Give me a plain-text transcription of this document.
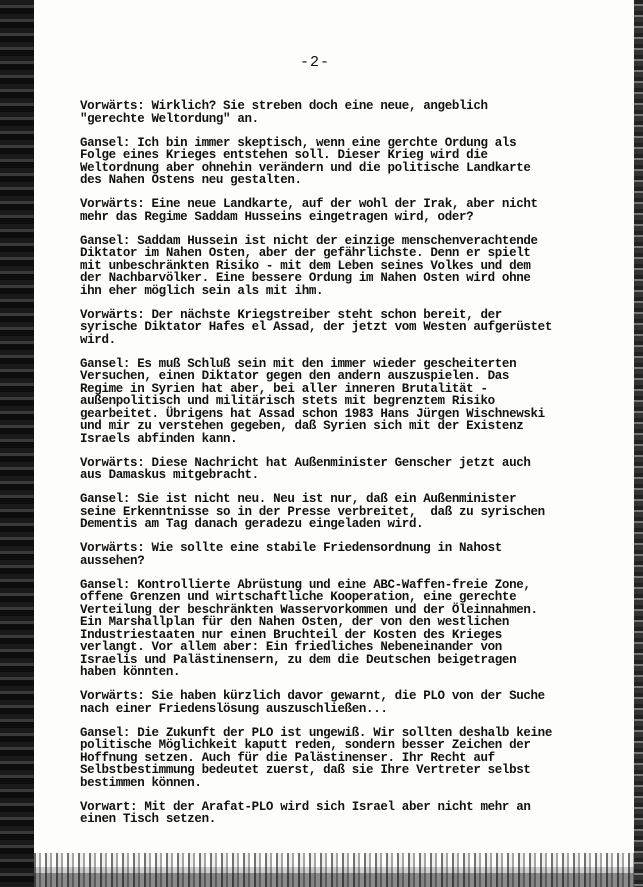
-2-

Vorwärts: Wirklich? Sie streben doch eine neue, angeblich
"gerechte Weltordung" an.

Gansel: Ich bin immer skeptisch, wenn eine gerchte Ordung als
Folge eines Krieges entstehen soll. Dieser Krieg wird die
Weltordnung aber ohnehin verändern und die politische Landkarte
des Nahen Ostens neu gestalten.

Vorwärts: Eine neue Landkarte, auf der wohl der Irak, aber nicht
mehr das Regime Saddam Husseins eingetragen wird, oder?

Gansel: Saddam Hussein ist nicht der einzige menschenverachtende
Diktator im Nahen Osten, aber der gefährlichste. Denn er spielt
mit unbeschränkten Risiko - mit dem Leben seines Volkes und dem
der Nachbarvölker. Eine bessere Ordung im Nahen Osten wird ohne
ihn eher möglich sein als mit ihm.

Vorwärts: Der nächste Kriegstreiber steht schon bereit, der
syrische Diktator Hafes el Assad, der jetzt vom Westen aufgerüstet
wird.

Gansel: Es muß Schluß sein mit den immer wieder gescheiterten
Versuchen, einen Diktator gegen den andern auszuspielen. Das
Regime in Syrien hat aber, bei aller inneren Brutalität -
außenpolitisch und militärisch stets mit begrenztem Risiko
gearbeitet. Übrigens hat Assad schon 1983 Hans Jürgen Wischnewski
und mir zu verstehen gegeben, daß Syrien sich mit der Existenz
Israels abfinden kann.

Vorwärts: Diese Nachricht hat Außenminister Genscher jetzt auch
aus Damaskus mitgebracht.

Gansel: Sie ist nicht neu. Neu ist nur, daß ein Außenminister
seine Erkenntnisse so in der Presse verbreitet,  daß zu syrischen
Dementis am Tag danach geradezu eingeladen wird.

Vorwärts: Wie sollte eine stabile Friedensordnung in Nahost
aussehen?

Gansel: Kontrollierte Abrüstung und eine ABC-Waffen-freie Zone,
offene Grenzen und wirtschaftliche Kooperation, eine gerechte
Verteilung der beschränkten Wasservorkommen und der Öleinnahmen.
Ein Marshallplan für den Nahen Osten, der von den westlichen
Industriestaaten nur einen Bruchteil der Kosten des Krieges
verlangt. Vor allem aber: Ein friedliches Nebeneinander von
Israelis und Palästinensern, zu dem die Deutschen beigetragen
haben könnten.

Vorwärts: Sie haben kürzlich davor gewarnt, die PLO von der Suche
nach einer Friedenslösung auszuschließen...

Gansel: Die Zukunft der PLO ist ungewiß. Wir sollten deshalb keine
politische Möglichkeit kaputt reden, sondern besser Zeichen der
Hoffnung setzen. Auch für die Palästinenser. Ihr Recht auf
Selbstbestimmung bedeutet zuerst, daß sie Ihre Vertreter selbst
bestimmen können.

Vorwart: Mit der Arafat-PLO wird sich Israel aber nicht mehr an
einen Tisch setzen.
